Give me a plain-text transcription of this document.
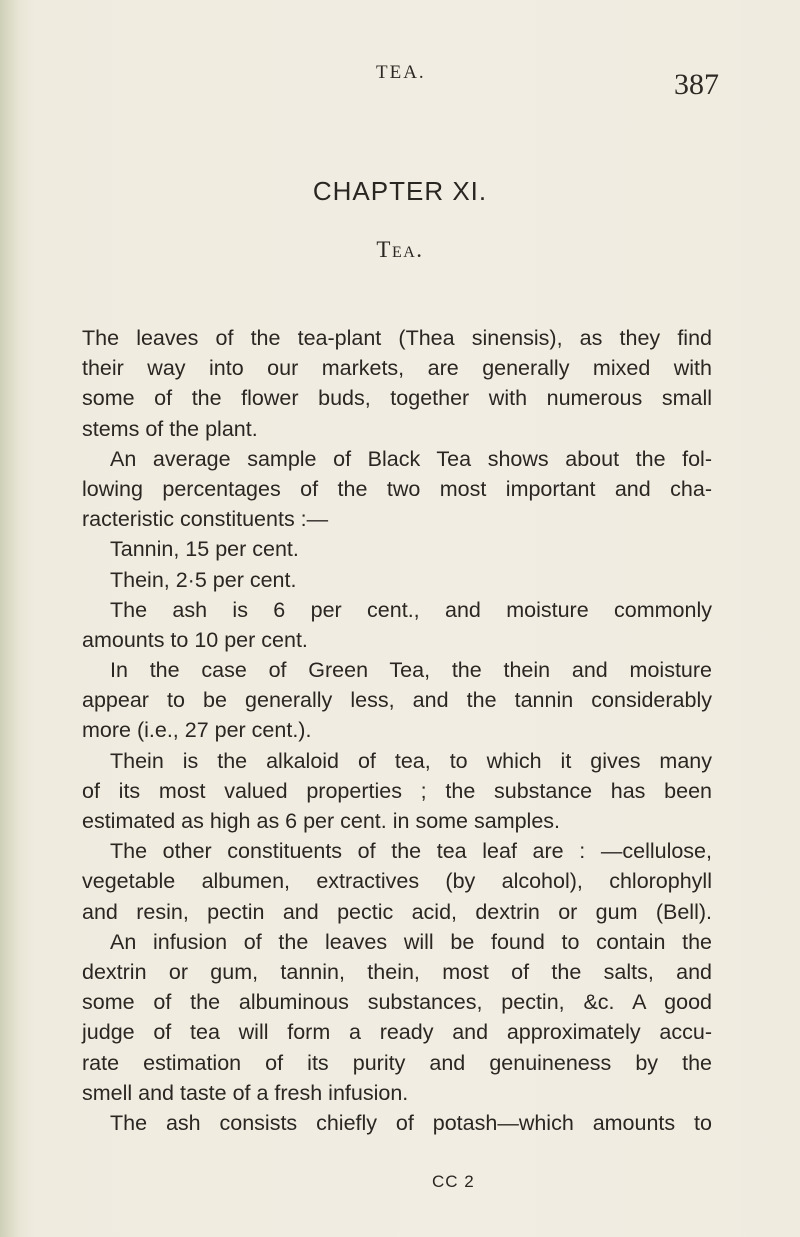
TEA.	387
CHAPTER XI.
Tea.
The leaves of the tea-plant (Thea sinensis), as they find
their way into our markets, are generally mixed with
some of the flower buds, together with numerous small
stems of the plant.
An average sample of Black Tea shows about the fol-
lowing percentages of the two most important and cha-
racteristic constituents :—
Tannin, 15 per cent.
Thein, 2·5 per cent.
The ash is 6 per cent., and moisture commonly
amounts to 10 per cent.
In the case of Green Tea, the thein and moisture
appear to be generally less, and the tannin considerably
more (i.e., 27 per cent.).
Thein is the alkaloid of tea, to which it gives many
of its most valued properties ; the substance has been
estimated as high as 6 per cent. in some samples.
The other constituents of the tea leaf are : —cellulose,
vegetable albumen, extractives (by alcohol), chlorophyll
and resin, pectin and pectic acid, dextrin or gum (Bell).
An infusion of the leaves will be found to contain the
dextrin or gum, tannin, thein, most of the salts, and
some of the albuminous substances, pectin, &c. A good
judge of tea will form a ready and approximately accu-
rate estimation of its purity and genuineness by the
smell and taste of a fresh infusion.
The ash consists chiefly of potash—which amounts to
CC 2
